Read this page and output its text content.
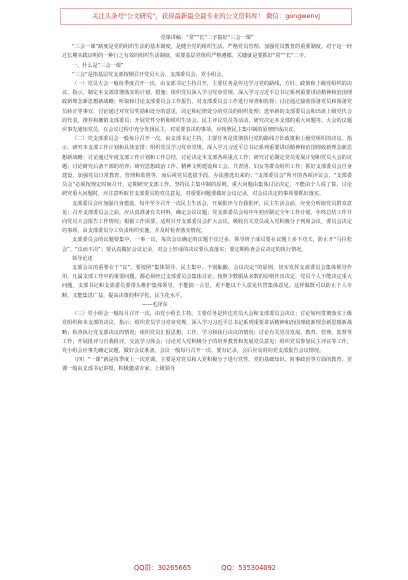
关注头条号"公文研究"，获得最新最全最专业的公文资料库！ 微信：gongwenvj

党课讲稿：“常”“长”二字搞好“三会一课”

“三会一课”制度是党的组织生活的基本制度，是健全党的组织生活、严格党员管理、加强党员教育的重要制度。对于这一经过长期实践证明的一种行之有效的组织生活制度，需要基层党组织严格遵循。关键就是要抓好“常”“长”二字。

一、什么是“三会一课”

“三会”是指基层党支部按期召开党员大会、支部委员会、党小组会。

（一）党员大会一般每季度召开一次，由支部书记主持召开，主要任务是传达学习党的路线、方针、政策和上级党组织的决议、指示，制定本支部贯彻落实的计划、措施；组织党员深入学习党章党规、深入学习习近平总书记系列重要讲话精神和治国理政新理念新思想新战略；听取和讨论支部委员会工作报告，对支部委员会工作进行审查和监督；讨论通过接收预备党员和预备党员转正等事宜，讨论通过对党员奖励和处分的意见，决定和纪律处分的党员的组织处理；选举新的支部委员会和出席上级党代会的代表，推荐和撤销支部委员；开展党性分析和组织生活会、民主评议党员等活动，研究决定本支部的重大问题等。大会的议题应事先通知党员，在会议过程中充分发扬民主，对需要表决的事项，应按照民主集中制的原则形成决议。

（二）党支部委员会一般每月召开一次，由支部书记主持，主要任务是贯彻执行党的路线方针政策和上级党组织的决议、指示，研究本支部工作计划和具体安排；组织党员学习党章党规、深入学习习近平总书记系列重要讲话精神和治国理政新理念新思想新战略；讨论通过年度支部工作计划和工作总结，讨论决定本支部各项重点工作；研究讨论制定党员发展计划和党员大会的议题；讨论研究后备干部的培养；研究思想政治工作、精神文明建设和工会、共青团、妇女等群众组织工作；抓好支部委员会自身建设，加强党员日常教育、管理和监督等，而后视党员选拔手段、办法推选出来的；“支部委员会”所开的各项评议会，“支部委员会”必须按规定时间召开，定期研究支部工作，坚持民主集中制的原则，重大问题由集体讨论决定，不能由个人说了算。讨论研究重大问题时，应注意听取非支部委员的党员意见，对重要问题要做好会议记录，对会议决定的事项要抓好落实。

支部委员会应加强自身建设，每年至少召开一次民主生活会，开展批评与自我批评，民主生活会前，应充分听取党员群众意见；召开支部委员会之前，应认真准备有关材料，确定会议议题；党支部委员会每年年初应制定全年工作计划，年终总结工作并向党员大会报告工作情况；根据工作需要，适时召开支部委员会扩大会议，吸收有关党员或入党积极分子列席会议，委员会决定的事项，由支部委员分工负责组织实施，并及时检查落实情况。

支部委员会的议题要集中，一事一议，每次会议确定的议题不宜过多，领导班子成员要在议题上多下功夫，防止开“马拉松会”、“议而不决”；要认真做好会议记录，对会上形成的决议要认真落实；要定期检查会议决定的执行情况。

领导论述

支部会议的重要在于“议”，要按照“集体领导、民主集中、个别酝酿、会议决定”的原则，切实发挥支部委员会集体领导作用，凡属支部工作中的重要问题，都必须经过支部委员会集体讨论，按照少数服从多数的原则作出决定，党员个人不能决定重大问题，支部书记和支部委员要带头维护集体领导，不能搞一言堂，更不能以个人意见代替集体意见。这样做既可以防止个人专断，又能集思广益，提高决策的科学化、民主化水平。

——毛泽东

（三）党小组会一般每月召开一次，由党小组长主持。主要任务是传达党员大会和支部委员会决议；讨论如何贯彻落实上级党组织和本支部的决议、指示；组织党员学习党章党规、深入学习习近平总书记系列重要讲话精神和治国理政新理念新思想新战略；检查执行党支部决议的情况；组织党员汇报思想、工作、学习和执行决议的情况；讨论有关党员发展、教育、管理、监督等工作；开展批评与自我批评，交流学习体会；讨论对入党积极分子的培养教育和发展党员意见；组织党员参加民主评议等工作，党小组会应事先确定议题，做好会议准备，会议一般每月召开一次，要有记录，会后应及时向党支部报告会议情况。

（四）“一课”就是每季度上一次党课，主要是对党员和入党积极分子进行党性、党的基础知识、时事政治等方面的教育。党课一般由支部书记讲授，积极邀请专家、上级领导

QQ群：30265665	QQ：535304092
